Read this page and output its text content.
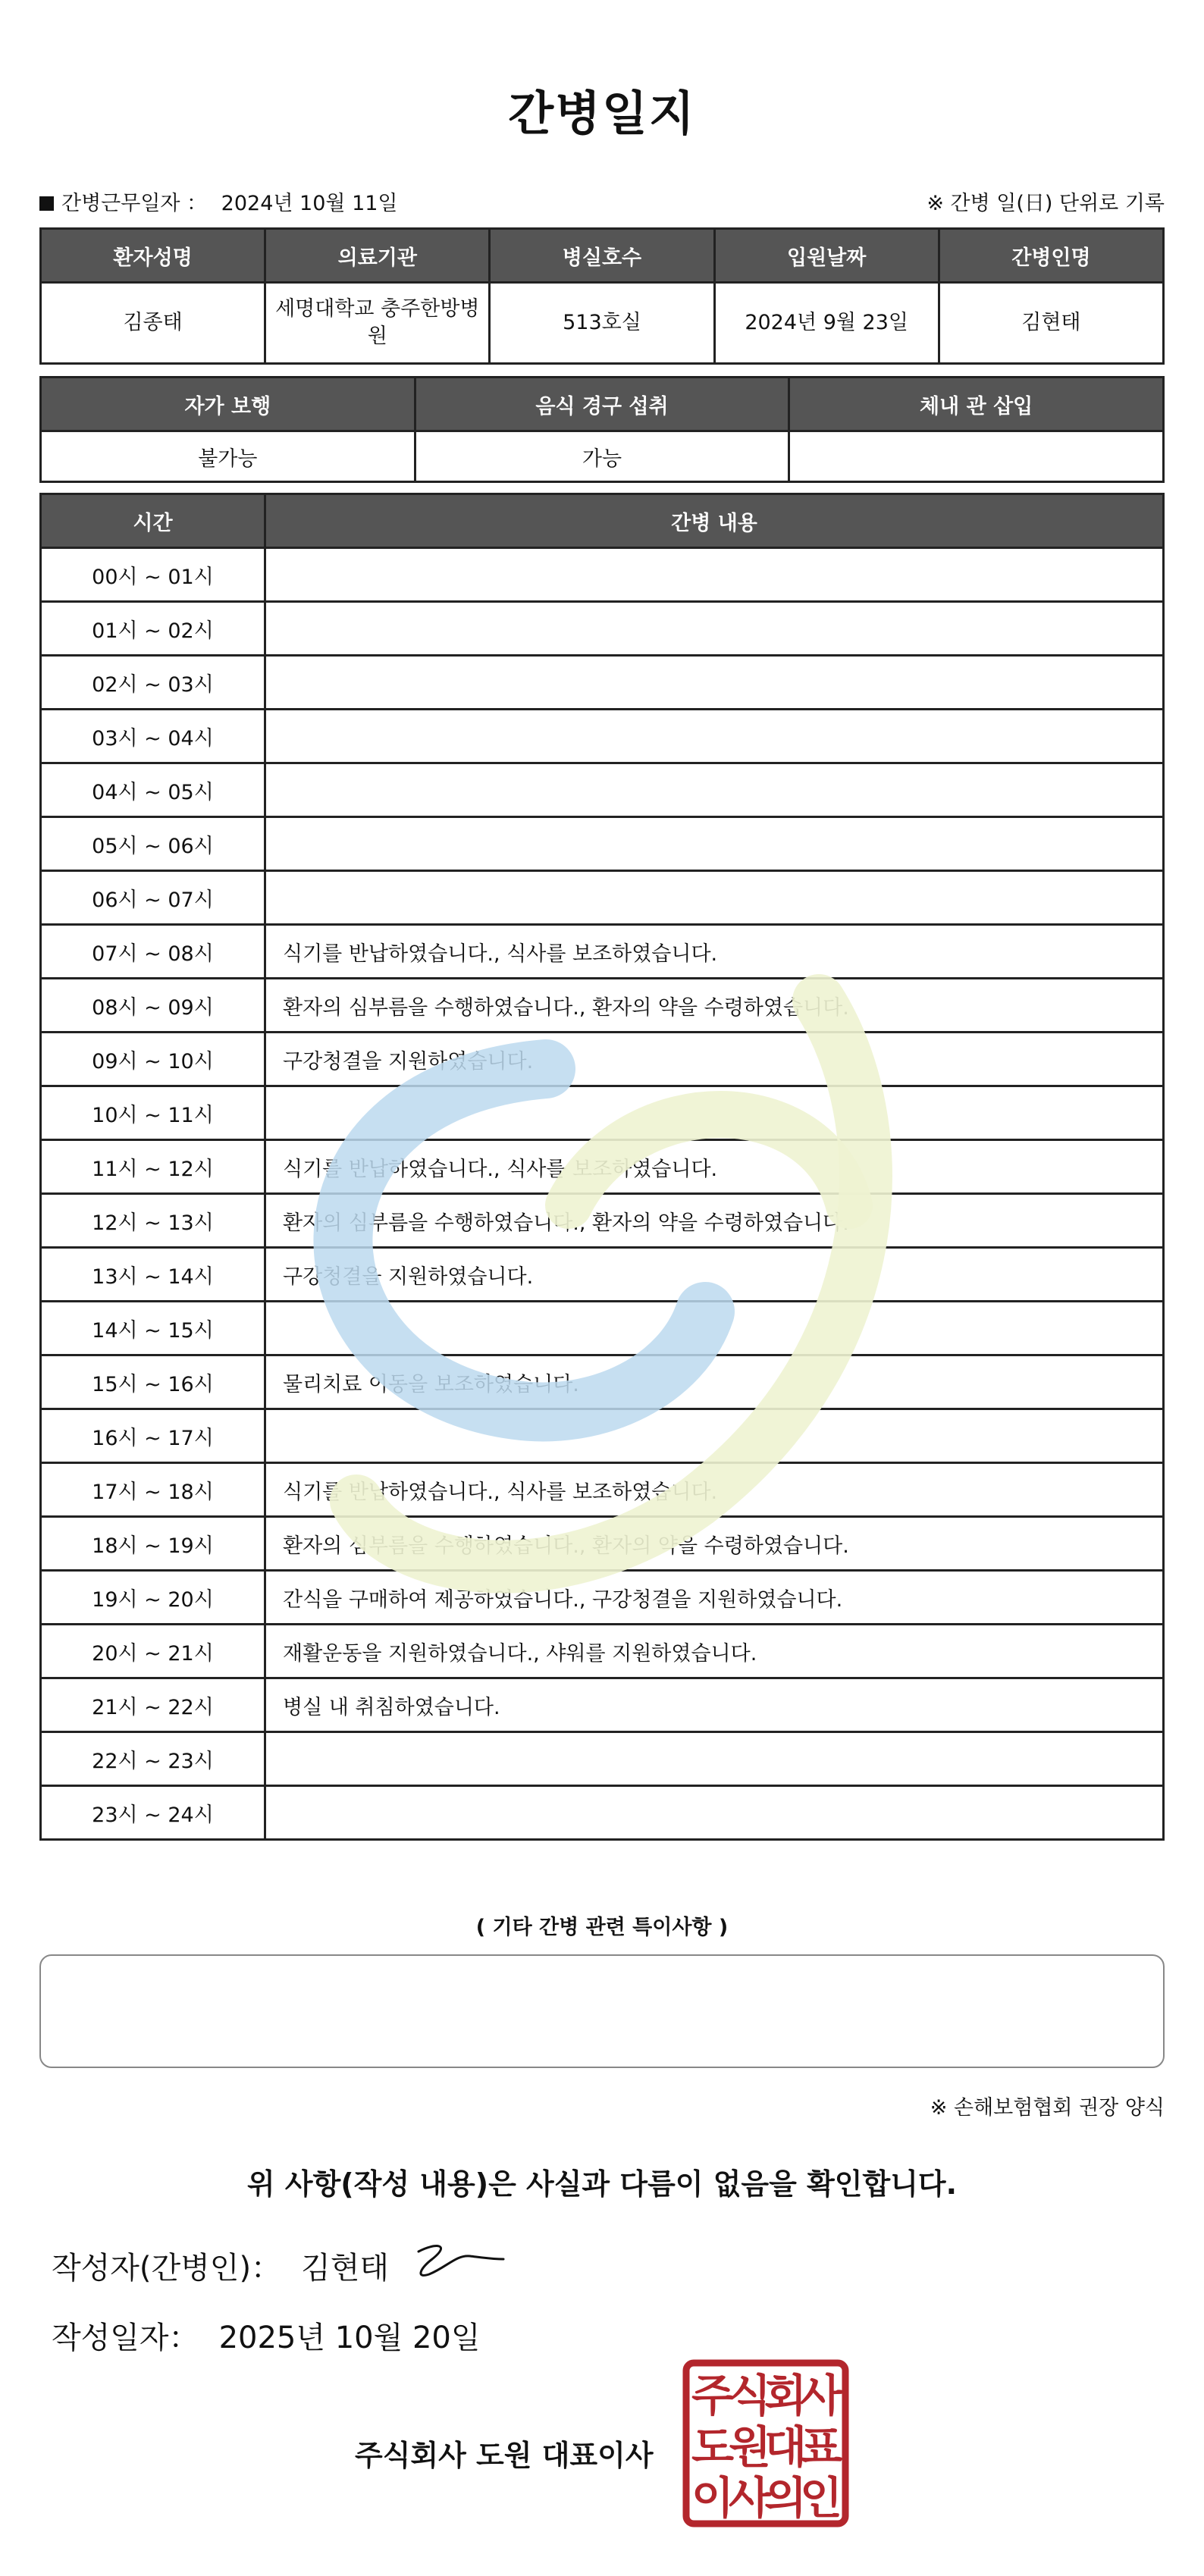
간병일지
간병근무일자 ： 2024년 10월 11일	※ 간병 일(日) 단위로 기록
환자성명	의료기관	병실호수	입원날짜	간병인명
김종태	세명대학교 충주한방병원	513호실	2024년 9월 23일	김현태
자가 보행	음식 경구 섭취	체내 관 삽입
불가능	가능	
시간	간병 내용
00시 ~ 01시	
01시 ~ 02시	
02시 ~ 03시	
03시 ~ 04시	
04시 ~ 05시	
05시 ~ 06시	
06시 ~ 07시	
07시 ~ 08시	식기를 반납하였습니다., 식사를 보조하였습니다.
08시 ~ 09시	환자의 심부름을 수행하였습니다., 환자의 약을 수령하였습니다.
09시 ~ 10시	구강청결을 지원하였습니다.
10시 ~ 11시	
11시 ~ 12시	식기를 반납하였습니다., 식사를 보조하였습니다.
12시 ~ 13시	환자의 심부름을 수행하였습니다., 환자의 약을 수령하였습니다.
13시 ~ 14시	구강청결을 지원하였습니다.
14시 ~ 15시	
15시 ~ 16시	물리치료 이동을 보조하였습니다.
16시 ~ 17시	
17시 ~ 18시	식기를 반납하였습니다., 식사를 보조하였습니다.
18시 ~ 19시	환자의 심부름을 수행하였습니다., 환자의 약을 수령하였습니다.
19시 ~ 20시	간식을 구매하여 제공하였습니다., 구강청결을 지원하였습니다.
20시 ~ 21시	재활운동을 지원하였습니다., 샤워를 지원하였습니다.
21시 ~ 22시	병실 내 취침하였습니다.
22시 ~ 23시	
23시 ~ 24시	
( 기타 간병 관련 특이사항 )
※ 손해보험협회 권장 양식
위 사항(작성 내용)은 사실과 다름이 없음을 확인합니다.
작성자(간병인)： 김현태
작성일자： 2025년 10월 20일
주식회사 도원 대표이사
주
식
회
사
도
원
대
표
이
사
의
인
